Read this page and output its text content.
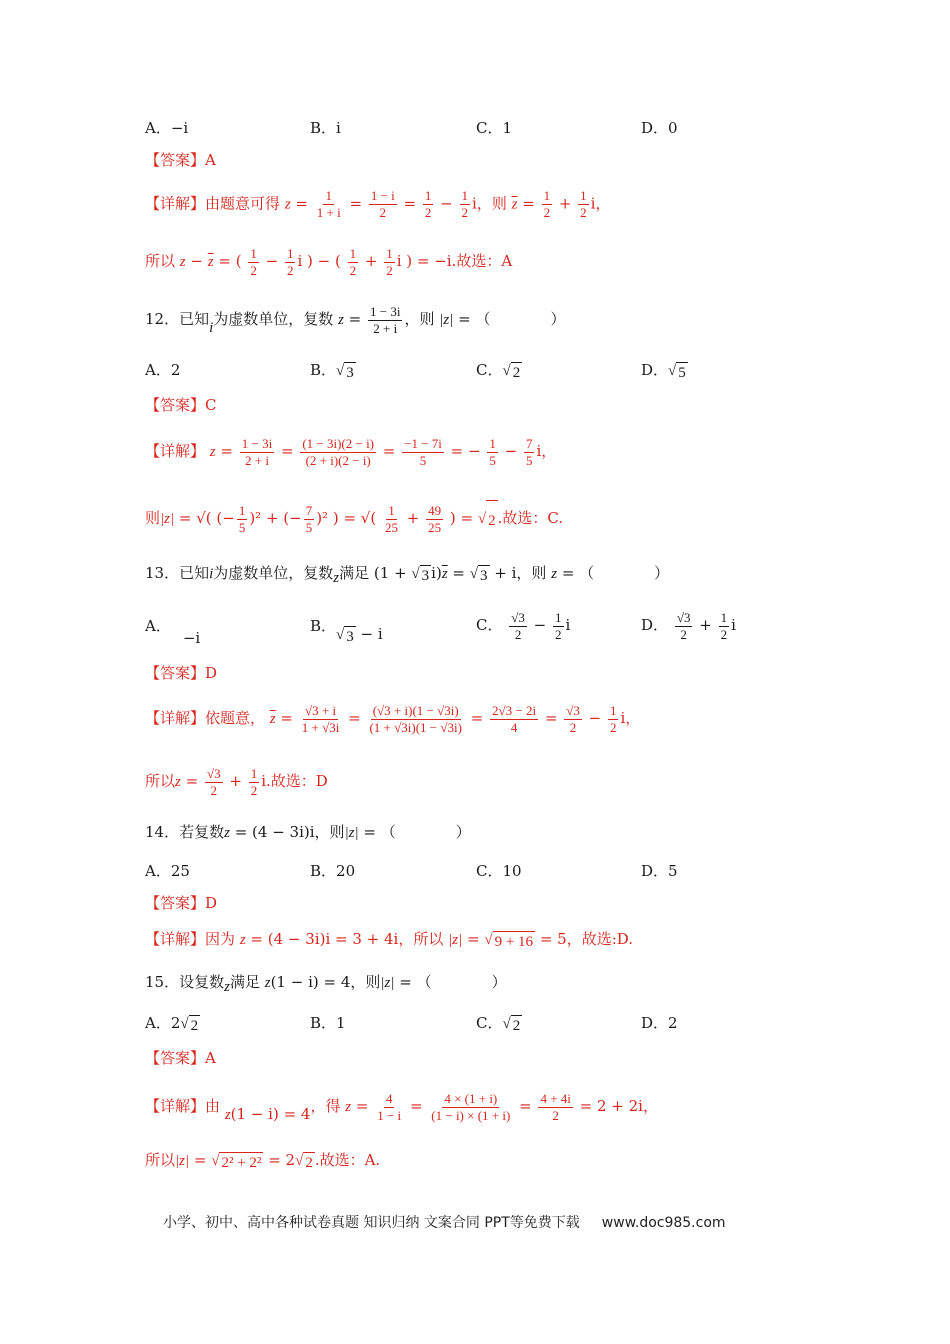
A．−i	B．i	C．1	D．0
【答案】A
【详解】由题意可得 $z = \frac{1}{1 + i} = \frac{1 - i}{2} = \frac{1}{2} - \frac{1}{2}$ i，则 $\overline{z} = \frac{1}{2} + \frac{1}{2}$ i，
所以 $z - \overline{z}$ = ( $\frac{1}{2} - \frac{1}{2}$ i ) − ( $\frac{1}{2} + \frac{1}{2}$ i ) = −i.故选：A
12．已知i为虚数单位，复数 $z = \frac{1 - 3i}{2 + i}$ ，则 |z| = （　　　　）
A．2	B．√ 3	C．√ 2	D．√ 5
【答案】C
【详解】 $z = \frac{1 - 3i}{2 + i} = \frac{(1 - 3i)(2 - i)}{(2 + i)(2 - i)} = \frac{-1 - 7i}{5}$ = − $\frac{1}{5} - \frac{7}{5}$ i，
则|z| = √( (− $\frac{1}{5} )^2$ + (− $\frac{7}{5} )^2$ ) = √( $\frac{1}{25} + \frac{49}{25}$ ) = √ 2 .故选：C.
13．已知i为虚数单位，复数z满足 (1 + √ 3 $i)\overline{z}$ = √ 3 + i，则 z = （　　　　）
A．−i
B．√ 3 − i	C． $\frac{√3}{2} - \frac{1}{2}$ i	D． $\frac{√3}{2} + \frac{1}{2}$ i
【答案】D
【详解】依题意， $\overline{z} = \frac{√3 + i}{1 + √3i} = \frac{(√3 + i)(1 - √3i)}{(1 + √3i)(1 - √3i)} = \frac{2√3 - 2i}{4} = \frac{√3}{2} - \frac{1}{2}$ i，
所以$z = \frac{√3}{2} + \frac{1}{2} i$.故选：D
14．若复数z = (4 − 3i)i，则|z| = （　　　　）
A．25	B．20	C．10	D．5
【答案】D
【详解】因为 z = (4 − 3i)i = 3 + 4i，所以 |z| = √ 9 + 16 = 5，故选:D.
15．设复数z满足 z(1 − i) = 4，则|z| = （　　　　）
A．2√ 2	B．1	C．√ 2	D．2
【答案】A
【详解】由 z(1 − i) = 4，得 $z = \frac{4}{1 - i} = \frac{4 \times (1 + i)}{(1 - i) \times (1 + i)} = \frac{4 + 4i}{2} = 2 + 2i$，
所以|z| = √ 2² + 2² = 2√ 2 .故选：A.
小学、初中、高中各种试卷真题 知识归纳 文案合同 PPT等免费下载 www.doc985.com
